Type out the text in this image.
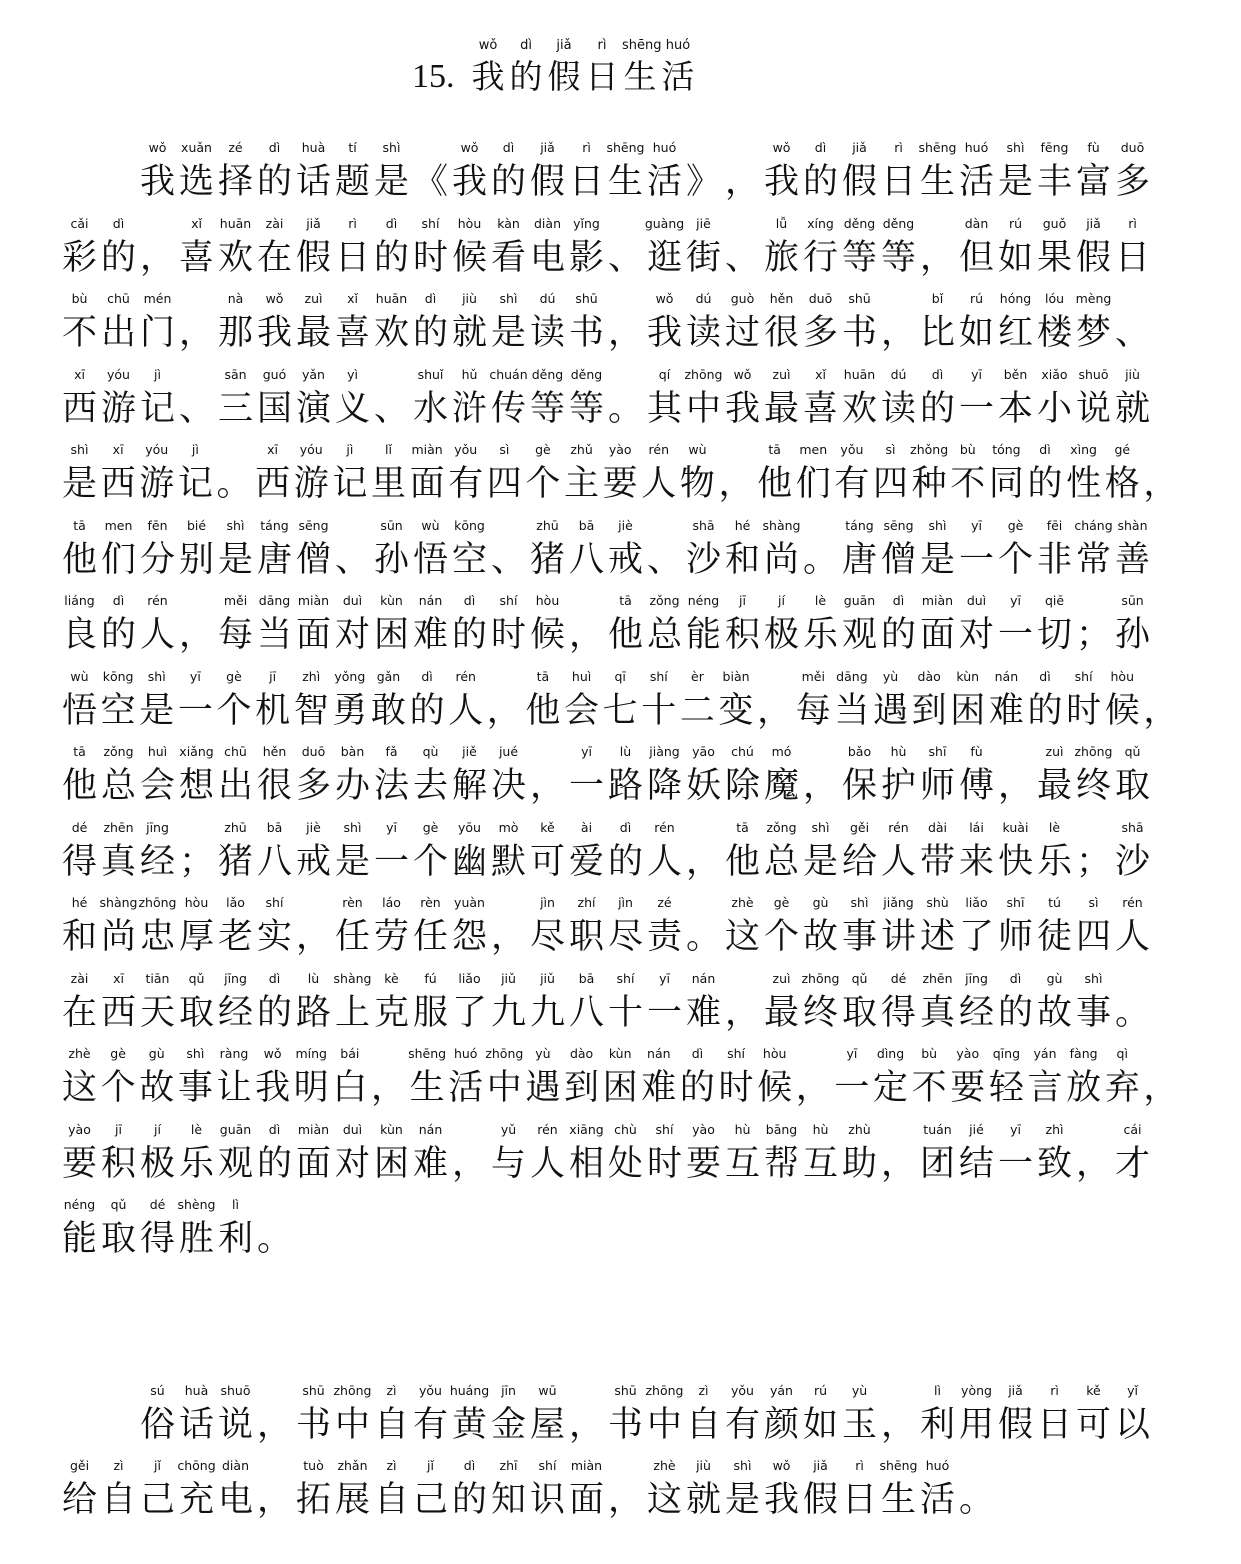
15.
wǒ
我
dì
的
jiǎ
假
rì
日
shēng
生
huó
活
wǒ
我
xuǎn
选
zé
择
dì
的
huà
话
tí
题
shì
是 《
wǒ
我
dì
的
jiǎ
假
rì
日
shēng
生
huó
活 》 ，
wǒ
我
dì
的
jiǎ
假
rì
日
shēng
生
huó
活
shì
是
fēng
丰
fù
富
duō
多
cǎi
彩
dì
的 ，
xǐ
喜
huān
欢
zài
在
jiǎ
假
rì
日
dì
的
shí
时
hòu
候
kàn
看
diàn
电
yǐng
影 、
guàng
逛
jiē
街 、
lǚ
旅
xíng
行
děng
等
děng
等 ，
dàn
但
rú
如
guǒ
果
jiǎ
假
rì
日
bù
不
chū
出
mén
门 ，
nà
那
wǒ
我
zuì
最
xǐ
喜
huān
欢
dì
的
jiù
就
shì
是
dú
读
shū
书 ，
wǒ
我
dú
读
guò
过
hěn
很
duō
多
shū
书 ，
bǐ
比
rú
如
hóng
红
lóu
楼
mèng
梦 、
xī
西
yóu
游
jì
记 、
sān
三
guó
国
yǎn
演
yì
义 、
shuǐ
水
hǔ
浒
chuán
传
děng
等
děng
等 。
qí
其
zhōng
中
wǒ
我
zuì
最
xǐ
喜
huān
欢
dú
读
dì
的
yī
一
běn
本
xiǎo
小
shuō
说
jiù
就
shì
是
xī
西
yóu
游
jì
记 。
xī
西
yóu
游
jì
记
lǐ
里
miàn
面
yǒu
有
sì
四
gè
个
zhǔ
主
yào
要
rén
人
wù
物 ，
tā
他
men
们
yǒu
有
sì
四
zhǒng
种
bù
不
tóng
同
dì
的
xìng
性
gé
格 ，
tā
他
men
们
fēn
分
bié
别
shì
是
táng
唐
sēng
僧 、
sūn
孙
wù
悟
kōng
空 、
zhū
猪
bā
八
jiè
戒 、
shā
沙
hé
和
shàng
尚 。
táng
唐
sēng
僧
shì
是
yī
一
gè
个
fēi
非
cháng
常
shàn
善
liáng
良
dì
的
rén
人 ，
měi
每
dāng
当
miàn
面
duì
对
kùn
困
nán
难
dì
的
shí
时
hòu
候 ，
tā
他
zǒng
总
néng
能
jī
积
jí
极
lè
乐
guān
观
dì
的
miàn
面
duì
对
yī
一
qiē
切 ；
sūn
孙
wù
悟
kōng
空
shì
是
yī
一
gè
个
jī
机
zhì
智
yǒng
勇
gǎn
敢
dì
的
rén
人 ，
tā
他
huì
会
qī
七
shí
十
èr
二
biàn
变 ，
měi
每
dāng
当
yù
遇
dào
到
kùn
困
nán
难
dì
的
shí
时
hòu
候 ，
tā
他
zǒng
总
huì
会
xiǎng
想
chū
出
hěn
很
duō
多
bàn
办
fǎ
法
qù
去
jiě
解
jué
决 ，
yī
一
lù
路
jiàng
降
yāo
妖
chú
除
mó
魔 ，
bǎo
保
hù
护
shī
师
fù
傅 ，
zuì
最
zhōng
终
qǔ
取
dé
得
zhēn
真
jīng
经 ；
zhū
猪
bā
八
jiè
戒
shì
是
yī
一
gè
个
yōu
幽
mò
默
kě
可
ài
爱
dì
的
rén
人 ，
tā
他
zǒng
总
shì
是
gěi
给
rén
人
dài
带
lái
来
kuài
快
lè
乐 ；
shā
沙
hé
和
shàng
尚
zhōng
忠
hòu
厚
lǎo
老
shí
实 ，
rèn
任
láo
劳
rèn
任
yuàn
怨 ，
jìn
尽
zhí
职
jìn
尽
zé
责 。
zhè
这
gè
个
gù
故
shì
事
jiǎng
讲
shù
述
liǎo
了
shī
师
tú
徒
sì
四
rén
人
zài
在
xī
西
tiān
天
qǔ
取
jīng
经
dì
的
lù
路
shàng
上
kè
克
fú
服
liǎo
了
jiǔ
九
jiǔ
九
bā
八
shí
十
yī
一
nán
难 ，
zuì
最
zhōng
终
qǔ
取
dé
得
zhēn
真
jīng
经
dì
的
gù
故
shì
事 。
zhè
这
gè
个
gù
故
shì
事
ràng
让
wǒ
我
míng
明
bái
白 ，
shēng
生
huó
活
zhōng
中
yù
遇
dào
到
kùn
困
nán
难
dì
的
shí
时
hòu
候 ，
yī
一
dìng
定
bù
不
yào
要
qīng
轻
yán
言
fàng
放
qì
弃 ，
yào
要
jī
积
jí
极
lè
乐
guān
观
dì
的
miàn
面
duì
对
kùn
困
nán
难 ，
yǔ
与
rén
人
xiāng
相
chù
处
shí
时
yào
要
hù
互
bāng
帮
hù
互
zhù
助 ，
tuán
团
jié
结
yī
一
zhì
致 ，
cái
才
néng
能
qǔ
取
dé
得
shèng
胜
lì
利 。
sú
俗
huà
话
shuō
说 ，
shū
书
zhōng
中
zì
自
yǒu
有
huáng
黄
jīn
金
wū
屋 ，
shū
书
zhōng
中
zì
自
yǒu
有
yán
颜
rú
如
yù
玉 ，
lì
利
yòng
用
jiǎ
假
rì
日
kě
可
yǐ
以
gěi
给
zì
自
jǐ
己
chōng
充
diàn
电 ，
tuò
拓
zhǎn
展
zì
自
jǐ
己
dì
的
zhī
知
shí
识
miàn
面 ，
zhè
这
jiù
就
shì
是
wǒ
我
jiǎ
假
rì
日
shēng
生
huó
活 。
